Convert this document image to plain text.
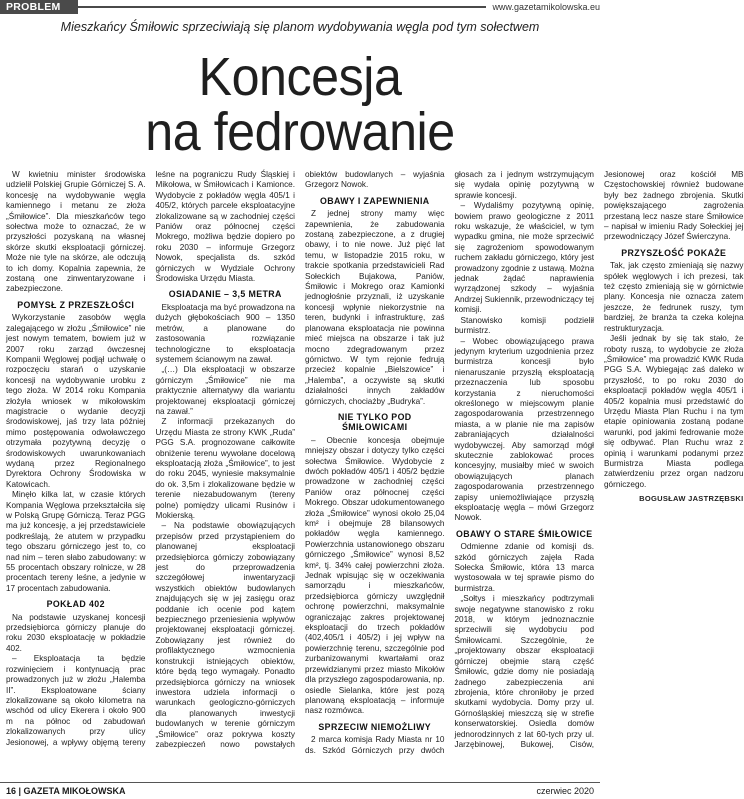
PROBLEM	www.gazetamikolowska.eu
Mieszkańcy Śmiłowic sprzeciwiają się planom wydobywania węgla pod tym sołectwem
Koncesja
na fedrowanie

W kwietniu minister środowiska udzielił Polskiej Grupie Górniczej S. A. koncesję na wydobywanie węgla kamiennego i metanu ze złoża „Śmiłowice”. Dla mieszkańców tego sołectwa może to oznaczać, że w przyszłości pozyskaną na własnej skórze skutki eksploatacji górniczej. Może nie tyle na skórze, ale odczują to ich domy. Kopalnia zapewnia, że zostaną one zinwentaryzowane i zabezpieczone.

POMYSŁ Z PRZESZŁOŚCI

Wykorzystanie zasobów węgla zalegającego w złożu „Śmiłowice” nie jest nowym tematem, bowiem już w 2007 roku zarząd ówczesnej Kompanii Węglowej podjął uchwałę o rozpoczęciu starań o uzyskanie koncesji na wydobywanie urobku z tego złoża. W 2014 roku Kompania złożyła wniosek w mikołowskim magistracie o wydanie decyzji środowiskowej, jaś trzy lata później mimo postępowania odwoławczego otrzymała pozytywną decyzję o środowiskowych uwarunkowaniach wydaną przez Regionalnego Dyrektora Ochrony Środowiska w Katowicach.

Minęło kilka lat, w czasie których Kompania Węglowa przekształciła się w Polską Grupę Górniczą. Teraz PGG ma już koncesję, a jej przedstawiciele podkreślają, że atutem w przypadku tego obszaru górniczego jest to, co nad nim – teren słabo zabudowany: w 55 procentach obszary rolnicze, w 28 procentach tereny leśne, a jedynie w 17 procentach zabudowania.

POKŁAD 402

Na podstawie uzyskanej koncesji przedsiębiorca górniczy planuje do roku 2030 eksploatację w pokładzie 402.

– Eksploatacja ta będzie rozwinięciem i kontynuacją prac prowadzonych już w złożu „Halemba II”. Eksploatowane ściany zlokalizowane są około kilometra na wschód od ulicy Ekerera i około 900 m na północ od zabudowań zlokalizowanych przy ulicy Jesionowej, a wpływy objęmą tereny leśne na pograniczu Rudy Śląskiej i Mikołowa, w Śmiłowicach i Kamionce. Wydobycie z pokładów węgla 405/1 i 405/2, których parcele eksploatacyjne zlokalizowane są w zachodniej części Paniów oraz północnej części Mokrego, możliwa będzie dopiero po roku 2030 – informuje Grzegorz Nowok, specjalista ds. szkód górniczych w Wydziale Ochrony Środowiska Urzędu Miasta.

OSIADANIE – 3,5 METRA

Eksploatacja ma być prowadzona na dużych głębokościach 900 – 1350 metrów, a planowane do zastosowania rozwiązanie technologiczne to eksploatacja systemem ścianowym na zawał.

„(…) Dla eksploatacji w obszarze górniczym „Śmiłowice” nie ma praktycznie alternatywy dla wariantu projektowanej eksploatacji górniczej na zawał.”

Z informacji przekazanych do Urzędu Miasta ze strony KWK „Ruda” PGG S.A. prognozowane całkowite obniżenie terenu wywołane docelową eksploatacją złoża „Śmiłowice”, to jest do roku 2045, wyniesie maksymalnie do ok. 3,5m i zlokalizowane będzie w terenie niezabudowanym (tereny polne) pomiędzy ulicami Rusinów i Mokierską.

– Na podstawie obowiązujących przepisów przed przystąpieniem do planowanej eksploatacji przedsiębiorca górniczy zobowiązany jest do przeprowadzenia szczegółowej inwentaryzacji wszystkich obiektów budowlanych znajdujących się w jej zasięgu oraz poddanie ich ocenie pod kątem bezpiecznego przeniesienia wpływów projektowanej eksploatacji górniczej. Zobowiązany jest również do profilaktycznego wzmocnienia konstrukcji istniejących obiektów, które będą tego wymagały. Ponadto przedsiębiorca górniczy na wniosek inwestora udziela informacji o warunkach geologiczno-górniczych dla planowanych inwestycji budowlanych w terenie górniczym „Śmiłowice” oraz pokrywa koszty zabezpieczeń nowo powstałych obiektów budowlanych – wyjaśnia Grzegorz Nowok.

OBAWY I ZAPEWNIENIA

Z jednej strony mamy więc zapewnienia, że zabudowania zostaną zabezpieczone, a z drugiej obawy, i to nie nowe. Już pięć lat temu, w listopadzie 2015 roku, w trakcie spotkania przedstawicieli Rad Sołeckich Bujakowa, Paniów, Śmiłowic i Mokrego oraz Kamionki jednogłośnie przyznali, iż uzyskanie koncesji wpłynie niekorzystnie na teren, budynki i infrastrukturę, zaś planowana eksploatacja nie powinna mieć miejsca na obszarze i tak już mocno zdegradowanym przez górnictwo. W tym rejonie fedrują przecież kopalnie „Bielszowice” i „Halemba”, a oczywiste są skutki działalności innych zakładów górniczych, chociażby „Budryka”.

NIE TYLKO POD ŚMIŁOWICAMI

– Obecnie koncesja obejmuje mniejszy obszar i dotyczy tylko części sołectwa Śmiłowice. Wydobycie z dwóch pokładów 405/1 i 405/2 będzie prowadzone w zachodniej części Paniów oraz północnej części Mokrego. Obszar udokumentowanego złoża „Śmiłowice” wynosi około 25,04 km² i obejmuje 28 bilansowych pokładów węgla kamiennego. Powierzchnia ustanowionego obszaru górniczego „Śmiłowice” wynosi 8,52 km², tj. 34% całej powierzchni złoża. Jednak wpisując się w oczekiwania samorządu i mieszkańców, przedsiębiorca górniczy uwzględnił ochronę powierzchni, maksymalnie ograniczając zakres projektowanej eksploatacji do trzech pokładów (402,405/1 i 405/2) i jej wpływ na powierzchnię terenu, szczególnie pod zurbanizowanymi kwartałami oraz przewidzianymi przez miasto Mikołów dla przyszłego zagospodarowania, np. osiedle Sielanka, które jest pozą planowaną eksploatacją – informuje nasz rozmówca.

SPRZECIW NIEMOŻLIWY

2 marca komisja Rady Miasta nr 10 ds. Szkód Górniczych przy dwóch głosach za i jednym wstrzymującym się wydała opinię pozytywną w sprawie koncesji.

– Wydaliśmy pozytywną opinię, bowiem prawo geologiczne z 2011 roku wskazuje, że właściciel, w tym wypadku gmina, nie może sprzeciwić się zagrożeniom spowodowanym ruchem zakładu górniczego, który jest prowadzony zgodnie z ustawą. Można jednak żądać naprawienia wyrządzonej szkody – wyjaśnia Andrzej Sukiennik, przewodniczący tej komisji.

Stanowisko komisji podzielił burmistrz.

– Wobec obowiązującego prawa jedynym kryterium uzgodnienia przez burmistrza koncesji było nienaruszanie przyszłą eksploatacją przeznaczenia lub sposobu korzystania z nieruchomości określonego w miejscowym planie zagospodarowania przestrzennego miasta, a w planie nie ma zapisów zabraniających działalności wydobywczej. Aby samorząd mógł skutecznie zablokować proces koncesyjny, musiałby mieć w swoich obowiązujących planach zagospodarowania przestrzennego zapisy uniemożliwiające przyszłą eksploatację węgla – mówi Grzegorz Nowok.

OBAWY O STARE ŚMIŁOWICE

Odmienne zdanie od komisji ds. szkód górniczych zajęła Rada Sołecka Śmiłowic, która 13 marca wystosowała w tej sprawie pismo do burmistrza.

„Sołtys i mieszkańcy podtrzymali swoje negatywne stanowisko z roku 2018, w którym jednoznacznie sprzeciwili się wydobyciu pod Śmiłowicami. Szczególnie, że „projektowany obszar eksploatacji górniczej obejmie starą część Śmiłowic, gdzie domy nie posiadają żadnego zabezpieczenia ani zbrojenia, które chroniłoby je przed skutkami wydobycia. Domy przy ul. Górnośląskiej mieszczą się w strefie konserwatorskiej. Osiedla domów jednorodzinnych z lat 60-tych przy ul. Jarzębinowej, Bukowej, Cisów, Jesionowej oraz kościół MB Częstochowskiej również budowane były bez żadnego zbrojenia. Skutki powiększającego zagrożenia przestaną lecz nasze stare Śmiłowice – napisał w imieniu Rady Sołeckiej jej przewodniczący Józef Świerczyna.

PRZYSZŁOŚĆ POKAŻE

Tak, jak często zmieniają się nazwy spółek węglowych i ich prezesi, tak też często zmieniają się w górnictwie plany. Koncesja nie oznacza zatem jeszcze, że fedrunek ruszy, tym bardziej, że branża ta czeka kolejna restrukturyzacja.

Jeśli jednak by się tak stało, że roboty ruszą, to wydobycie ze złoża „Śmiłowice” ma prowadzić KWK Ruda PGG S.A. Wybiegając zaś daleko w przyszłość, to po roku 2030 do eksploatacji pokładów węgla 405/1 i 405/2 kopalnia musi przedstawić do Urzędu Miasta Plan Ruchu i na tym etapie opiniowania zostaną podane warunki, pod jakimi fedrowanie może się odbywać. Plan Ruchu wraz z opinią i warunkami podanymi przez Burmistrza Miasta podlega zatwierdzeniu przez organ nadzoru górniczego.

BOGUSŁAW JASTRZĘBSKI
16 | GAZETA MIKOŁOWSKA	czerwiec 2020
